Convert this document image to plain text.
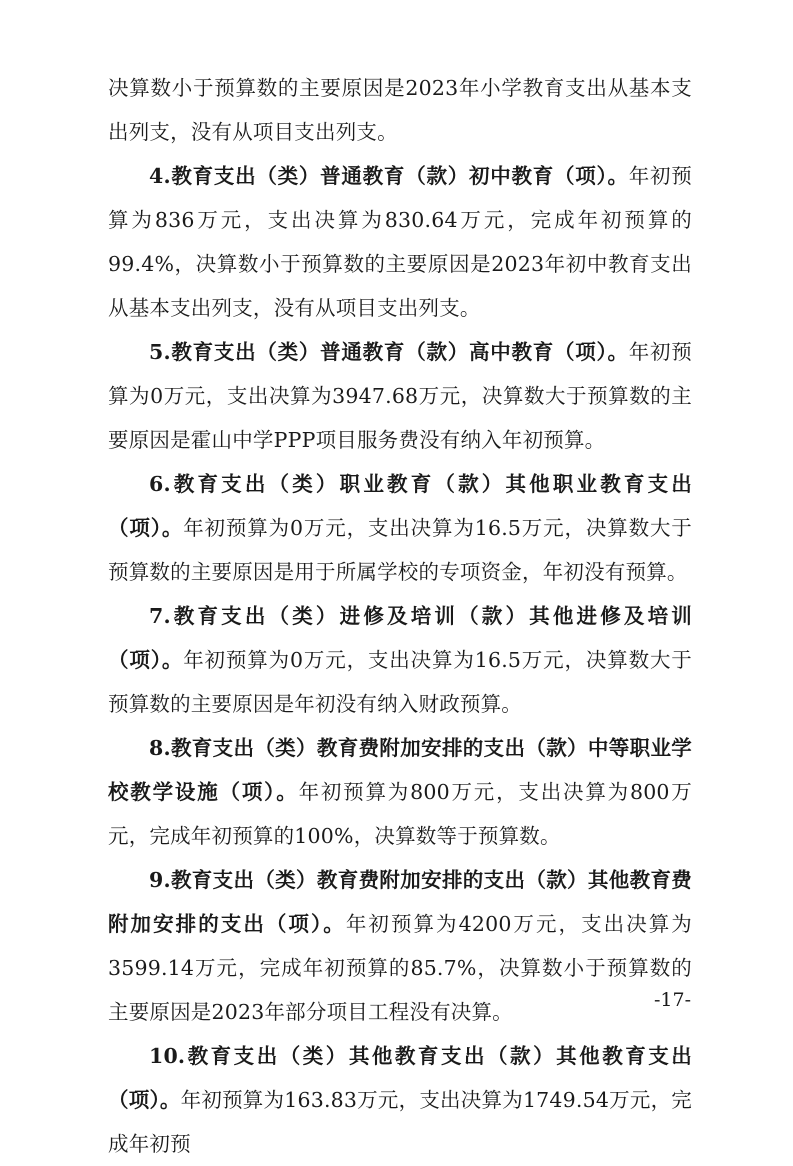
决算数小于预算数的主要原因是2023年小学教育支出从基本支出列支，没有从项目支出列支。

4.教育支出（类）普通教育（款）初中教育（项）。年初预算为836万元，支出决算为830.64万元，完成年初预算的99.4%，决算数小于预算数的主要原因是2023年初中教育支出从基本支出列支，没有从项目支出列支。

5.教育支出（类）普通教育（款）高中教育（项）。年初预算为0万元，支出决算为3947.68万元，决算数大于预算数的主要原因是霍山中学PPP项目服务费没有纳入年初预算。

6.教育支出（类）职业教育（款）其他职业教育支出（项）。年初预算为0万元，支出决算为16.5万元，决算数大于预算数的主要原因是用于所属学校的专项资金，年初没有预算。

7.教育支出（类）进修及培训（款）其他进修及培训（项）。年初预算为0万元，支出决算为16.5万元，决算数大于预算数的主要原因是年初没有纳入财政预算。

8.教育支出（类）教育费附加安排的支出（款）中等职业学校教学设施（项）。年初预算为800万元，支出决算为800万元，完成年初预算的100%，决算数等于预算数。

9.教育支出（类）教育费附加安排的支出（款）其他教育费附加安排的支出（项）。年初预算为4200万元，支出决算为3599.14万元，完成年初预算的85.7%，决算数小于预算数的主要原因是2023年部分项目工程没有决算。

10.教育支出（类）其他教育支出（款）其他教育支出（项）。年初预算为163.83万元，支出决算为1749.54万元，完成年初预

-17-
